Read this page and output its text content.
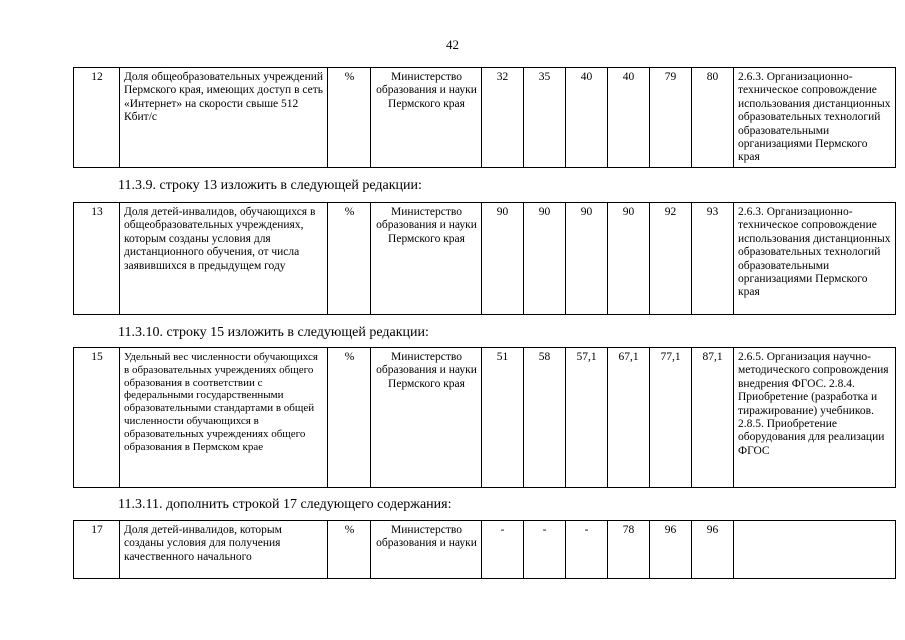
42
12	Доля общеобразовательных учреждений Пермского края, имеющих доступ в сеть «Интернет» на скорости свыше 512 Кбит/с	%	Министерство образования и науки Пермского края	32	35	40	40	79	80	2.6.3. Организационно-техническое сопровождение использования дистанционных образовательных технологий образовательными организациями Пермского края
11.3.9. строку 13 изложить в следующей редакции:
13	Доля детей-инвалидов, обучающихся в общеобразовательных учреждениях, которым созданы условия для дистанционного обучения, от числа заявившихся в предыдущем году	%	Министерство образования и науки Пермского края	90	90	90	90	92	93	2.6.3. Организационно-техническое сопровождение использования дистанционных образовательных технологий образовательными организациями Пермского края
11.3.10. строку 15 изложить в следующей редакции:
15	Удельный вес численности обучающихся в образовательных учреждениях общего образования в соответствии с федеральными государственными образовательными стандартами в общей численности обучающихся в образовательных учреждениях общего образования в Пермском крае	%	Министерство образования и науки Пермского края	51	58	57,1	67,1	77,1	87,1	2.6.5. Организация научно-методического сопровождения внедрения ФГОС. 2.8.4. Приобретение (разработка и тиражирование) учебников. 2.8.5. Приобретение оборудования для реализации ФГОС
11.3.11. дополнить строкой 17 следующего содержания:
17	Доля детей-инвалидов, которым созданы условия для получения качественного начального	%	Министерство образования и науки	-	-	-	78	96	96	
